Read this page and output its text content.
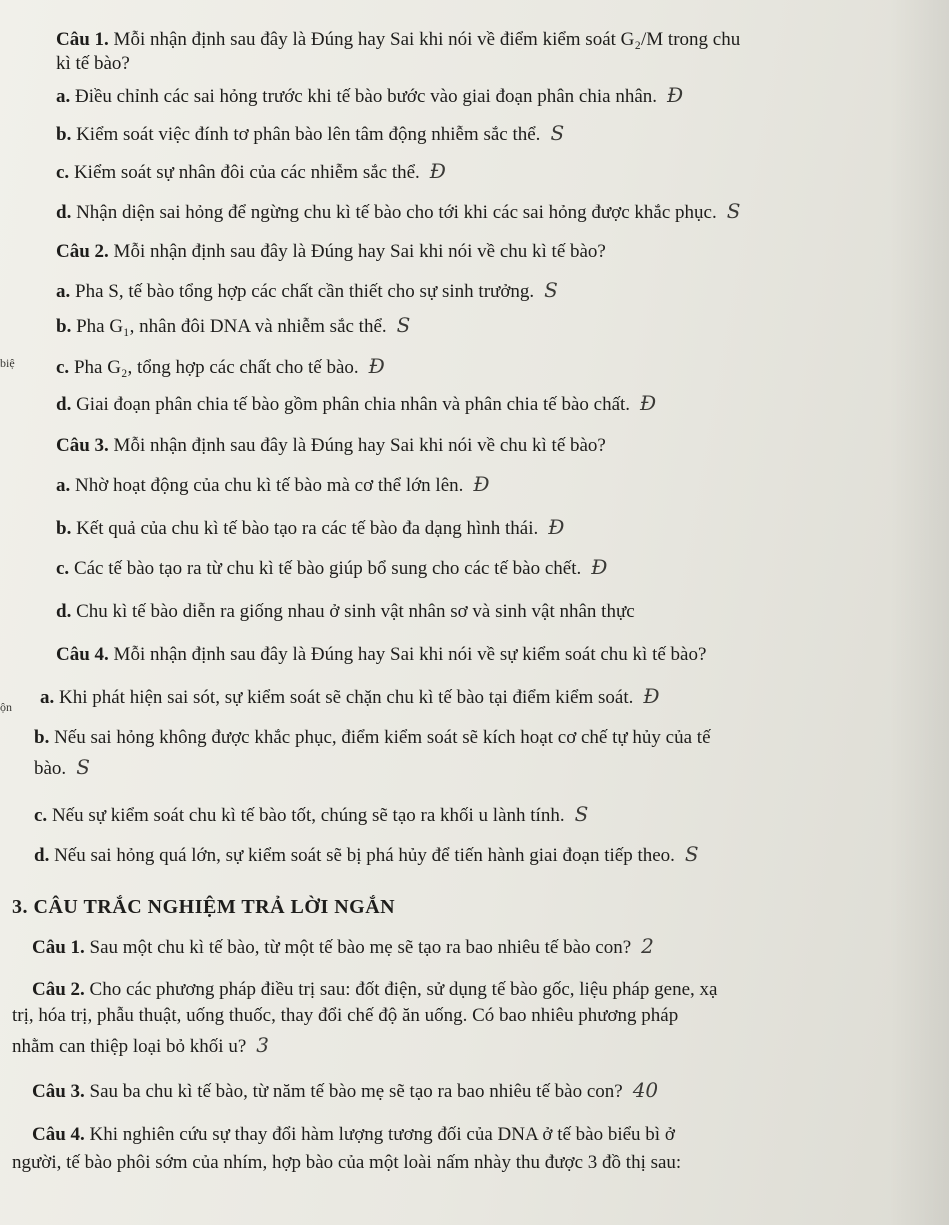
Câu 1. Mỗi nhận định sau đây là Đúng hay Sai khi nói về điểm kiểm soát G₂/M trong chu
kì tế bào?
a. Điều chỉnh các sai hỏng trước khi tế bào bước vào giai đoạn phân chia nhân. Đ
b. Kiểm soát việc đính tơ phân bào lên tâm động nhiễm sắc thể. S
c. Kiểm soát sự nhân đôi của các nhiễm sắc thể. Đ
d. Nhận diện sai hỏng để ngừng chu kì tế bào cho tới khi các sai hỏng được khắc phục. S
Câu 2. Mỗi nhận định sau đây là Đúng hay Sai khi nói về chu kì tế bào?
a. Pha S, tế bào tổng hợp các chất cần thiết cho sự sinh trưởng. S
b. Pha G₁, nhân đôi DNA và nhiễm sắc thể. S
c. Pha G₂, tổng hợp các chất cho tế bào. Đ
d. Giai đoạn phân chia tế bào gồm phân chia nhân và phân chia tế bào chất. Đ
Câu 3. Mỗi nhận định sau đây là Đúng hay Sai khi nói về chu kì tế bào?
a. Nhờ hoạt động của chu kì tế bào mà cơ thể lớn lên. Đ
b. Kết quả của chu kì tế bào tạo ra các tế bào đa dạng hình thái. Đ
c. Các tế bào tạo ra từ chu kì tế bào giúp bổ sung cho các tế bào chết. Đ
d. Chu kì tế bào diễn ra giống nhau ở sinh vật nhân sơ và sinh vật nhân thực
Câu 4. Mỗi nhận định sau đây là Đúng hay Sai khi nói về sự kiểm soát chu kì tế bào?
a. Khi phát hiện sai sót, sự kiểm soát sẽ chặn chu kì tế bào tại điểm kiểm soát. Đ
b. Nếu sai hỏng không được khắc phục, điểm kiểm soát sẽ kích hoạt cơ chế tự hủy của tế
bào. S
c. Nếu sự kiểm soát chu kì tế bào tốt, chúng sẽ tạo ra khối u lành tính. S
d. Nếu sai hỏng quá lớn, sự kiểm soát sẽ bị phá hủy để tiến hành giai đoạn tiếp theo. S
3. CÂU TRẮC NGHIỆM TRẢ LỜI NGẮN
Câu 1. Sau một chu kì tế bào, từ một tế bào mẹ sẽ tạo ra bao nhiêu tế bào con? 2
Câu 2. Cho các phương pháp điều trị sau: đốt điện, sử dụng tế bào gốc, liệu pháp gene, xạ
trị, hóa trị, phẫu thuật, uống thuốc, thay đổi chế độ ăn uống. Có bao nhiêu phương pháp
nhằm can thiệp loại bỏ khối u? 3
Câu 3. Sau ba chu kì tế bào, từ năm tế bào mẹ sẽ tạo ra bao nhiêu tế bào con? 40
Câu 4. Khi nghiên cứu sự thay đổi hàm lượng tương đối của DNA ở tế bào biểu bì ở
người, tế bào phôi sớm của nhím, hợp bào của một loài nấm nhày thu được 3 đồ thị sau:
biệ
ộn
